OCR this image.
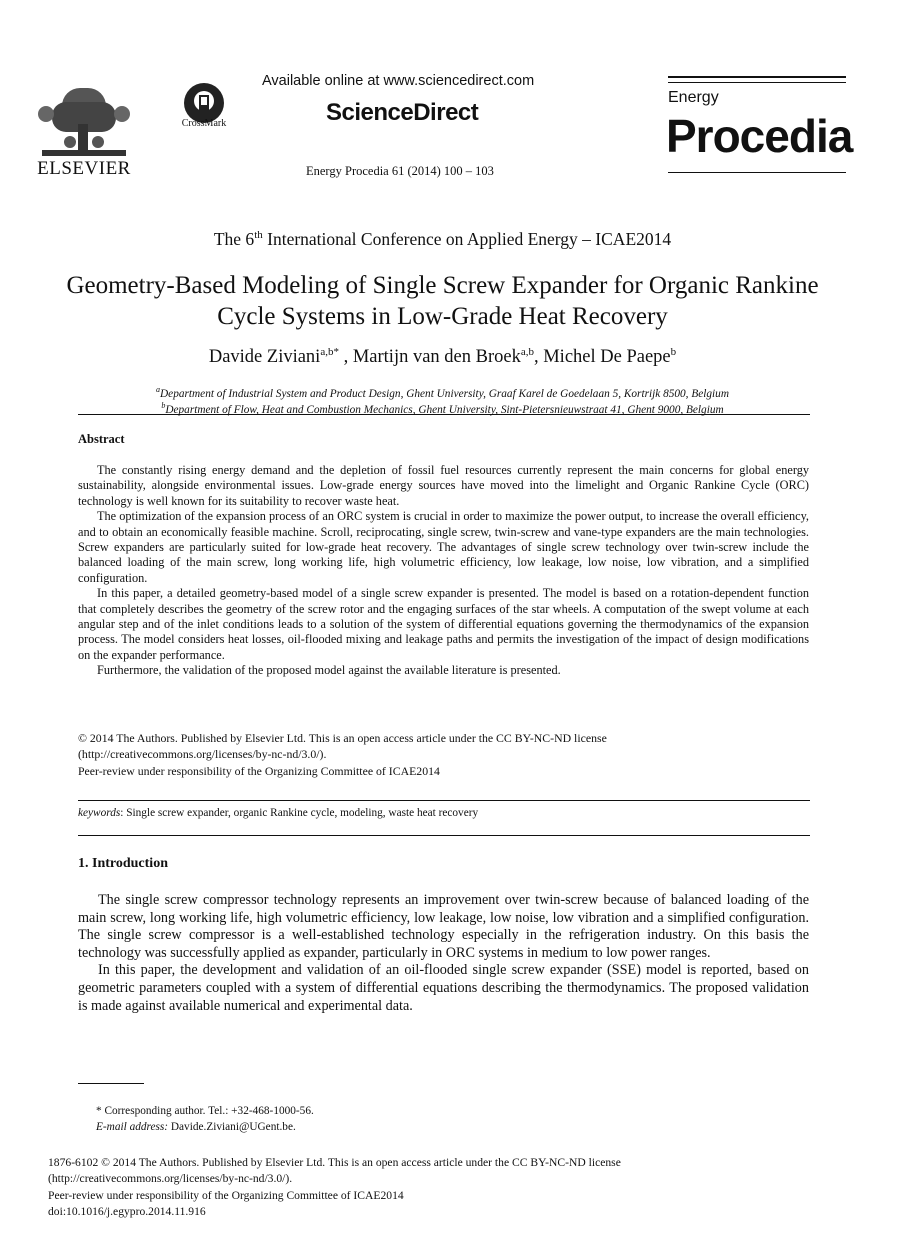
ELSEVIER
CrossMark
Available online at www.sciencedirect.com
ScienceDirect
Energy Procedia 61 (2014) 100 – 103
Energy
Procedia
The 6th International Conference on Applied Energy – ICAE2014
Geometry-Based Modeling of Single Screw Expander for Organic Rankine Cycle Systems in Low-Grade Heat Recovery
Davide Ziviani$^{a,b*}$ , Martijn van den Broek$^{a,b}$, Michel De Paepe$^b$
$^a$Department of Industrial System and Product Design, Ghent University, Graaf Karel de Goedelaan 5, Kortrijk 8500, Belgium
$^b$Department of Flow, Heat and Combustion Mechanics, Ghent University, Sint-Pietersnieuwstraat 41, Ghent 9000, Belgium
Abstract

The constantly rising energy demand and the depletion of fossil fuel resources currently represent the main concerns for global energy sustainability, alongside environmental issues. Low-grade energy sources have moved into the limelight and Organic Rankine Cycle (ORC) technology is well known for its suitability to recover waste heat.

The optimization of the expansion process of an ORC system is crucial in order to maximize the power output, to increase the overall efficiency, and to obtain an economically feasible machine. Scroll, reciprocating, single screw, twin-screw and vane-type expanders are the main technologies. Screw expanders are particularly suited for low-grade heat recovery. The advantages of single screw technology over twin-screw include the balanced loading of the main screw, long working life, high volumetric efficiency, low leakage, low noise, low vibration, and a simplified configuration.

In this paper, a detailed geometry-based model of a single screw expander is presented. The model is based on a rotation-dependent function that completely describes the geometry of the screw rotor and the engaging surfaces of the star wheels. A computation of the swept volume at each angular step and of the inlet conditions leads to a solution of the system of differential equations governing the thermodynamics of the expansion process. The model considers heat losses, oil-flooded mixing and leakage paths and permits the investigation of the impact of design modifications on the expander performance.

Furthermore, the validation of the proposed model against the available literature is presented.

© 2014 The Authors. Published by Elsevier Ltd. This is an open access article under the CC BY-NC-ND license
(http://creativecommons.org/licenses/by-nc-nd/3.0/).
Peer-review under responsibility of the Organizing Committee of ICAE2014
keywords: Single screw expander, organic Rankine cycle, modeling, waste heat recovery
1. Introduction

The single screw compressor technology represents an improvement over twin-screw because of balanced loading of the main screw, long working life, high volumetric efficiency, low leakage, low noise, low vibration and a simplified configuration. The single screw compressor is a well-established technology especially in the refrigeration industry. On this basis the technology was successfully applied as expander, particularly in ORC systems in medium to low power ranges.

In this paper, the development and validation of an oil-flooded single screw expander (SSE) model is reported, based on geometric parameters coupled with a system of differential equations describing the thermodynamics. The proposed validation is made against available numerical and experimental data.

* Corresponding author. Tel.: +32-468-1000-56.
E-mail address: Davide.Ziviani@UGent.be.
1876-6102 © 2014 The Authors. Published by Elsevier Ltd. This is an open access article under the CC BY-NC-ND license
(http://creativecommons.org/licenses/by-nc-nd/3.0/).
Peer-review under responsibility of the Organizing Committee of ICAE2014
doi:10.1016/j.egypro.2014.11.916
